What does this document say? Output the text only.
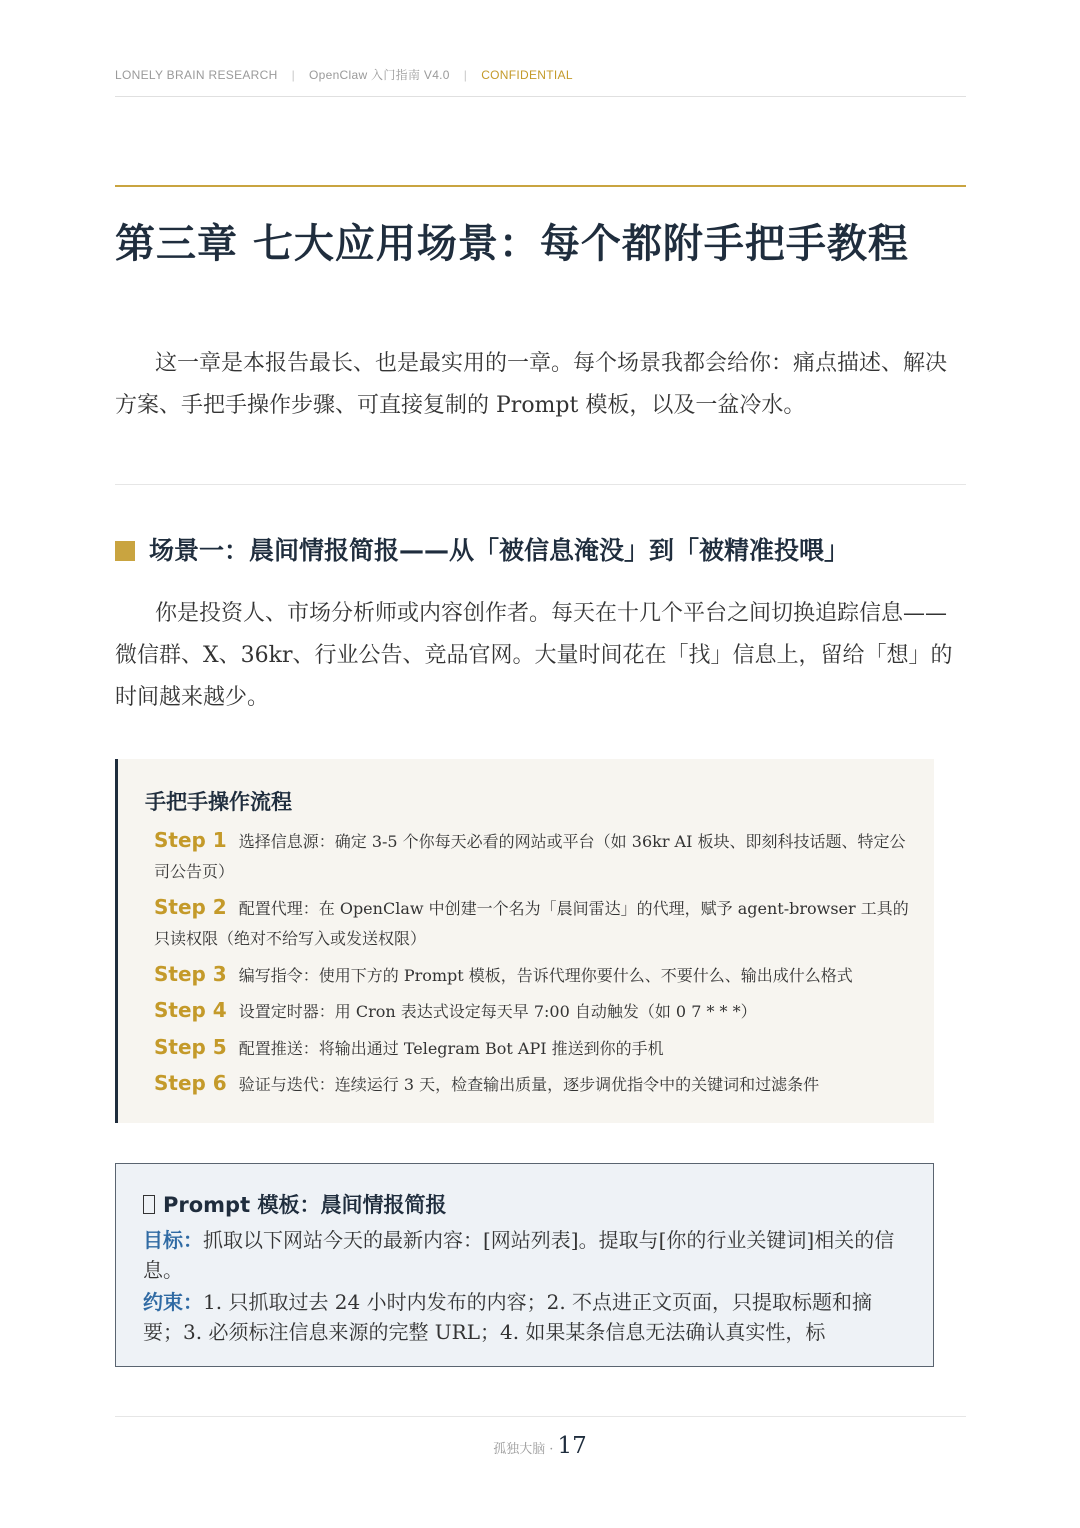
LONELY BRAIN RESEARCH | OpenClaw 入门指南 V4.0 | CONFIDENTIAL
第三章 七大应用场景：每个都附手把手教程

这一章是本报告最长、也是最实用的一章。每个场景我都会给你：痛点描述、解决方案、手把手操作步骤、可直接复制的 Prompt 模板，以及一盆冷水。

场景一：晨间情报简报——从「被信息淹没」到「被精准投喂」

你是投资人、市场分析师或内容创作者。每天在十几个平台之间切换追踪信息——微信群、X、36kr、行业公告、竞品官网。大量时间花在「找」信息上，留给「想」的时间越来越少。

手把手操作流程
Step 1 选择信息源：确定 3-5 个你每天必看的网站或平台（如 36kr AI 板块、即刻科技话题、特定公司公告页）
Step 2 配置代理：在 OpenClaw 中创建一个名为「晨间雷达」的代理，赋予 agent-browser 工具的只读权限（绝对不给写入或发送权限）
Step 3 编写指令：使用下方的 Prompt 模板，告诉代理你要什么、不要什么、输出成什么格式
Step 4 设置定时器：用 Cron 表达式设定每天早 7:00 自动触发（如 0 7 * * *）
Step 5 配置推送：将输出通过 Telegram Bot API 推送到你的手机
Step 6 验证与迭代：连续运行 3 天，检查输出质量，逐步调优指令中的关键词和过滤条件
Prompt 模板：晨间情报简报

目标：抓取以下网站今天的最新内容：[网站列表]。提取与[你的行业关键词]相关的信息。

约束：1. 只抓取过去 24 小时内发布的内容；2. 不点进正文页面，只提取标题和摘要；3. 必须标注信息来源的完整 URL；4. 如果某条信息无法确认真实性，标

孤独大脑 · 17
